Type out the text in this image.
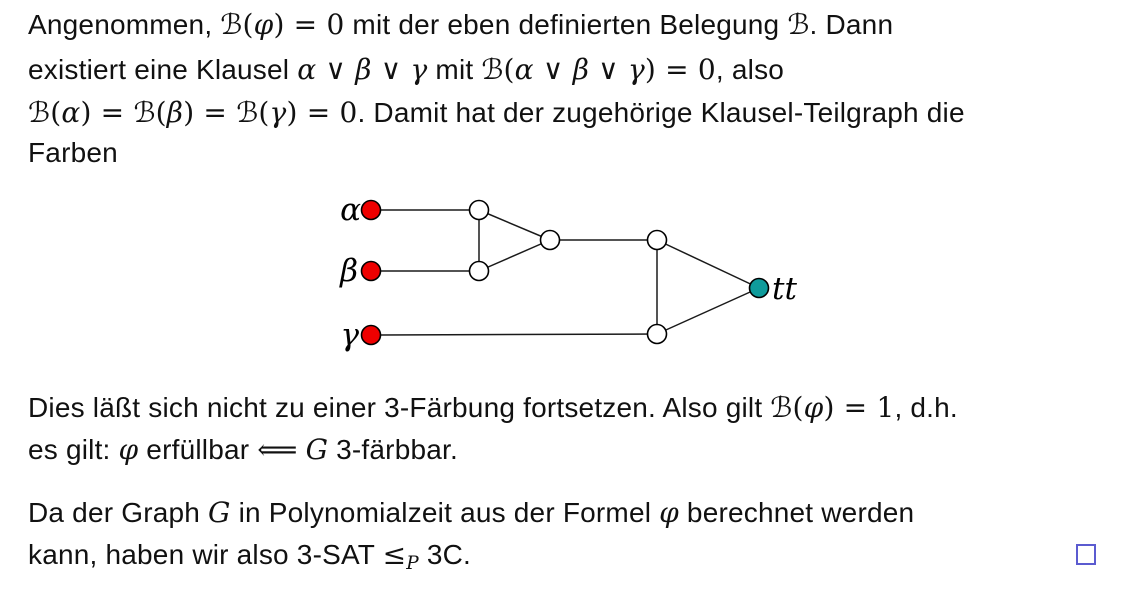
Angenommen, ℬ(φ) = 0 mit der eben definierten Belegung ℬ. Dann
existiert eine Klausel α ∨ β ∨ γ mit ℬ(α ∨ β ∨ γ) = 0, also
ℬ(α) = ℬ(β) = ℬ(γ) = 0. Damit hat der zugehörige Klausel-Teilgraph die
Farben
α
β
γ
tt
Dies läßt sich nicht zu einer 3-Färbung fortsetzen. Also gilt ℬ(φ) = 1, d.h.
es gilt: φ erfüllbar ⟸ G 3-färbbar.
Da der Graph G in Polynomialzeit aus der Formel φ berechnet werden
kann, haben wir also 3-SAT ≤P 3C.
